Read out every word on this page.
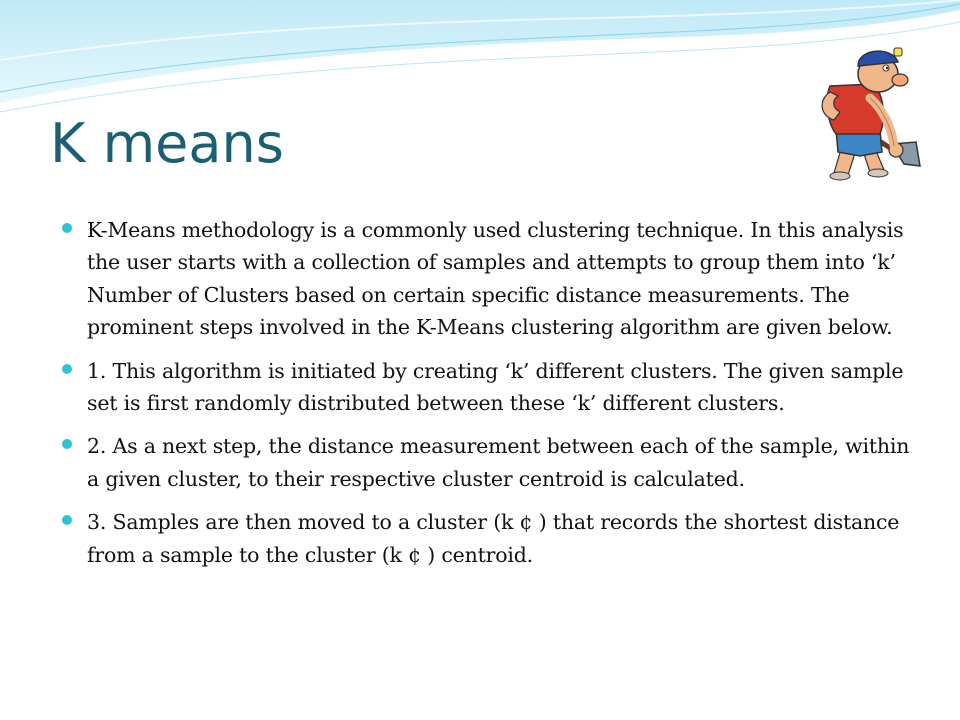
K means
K-Means methodology is a commonly used clustering technique. In this analysis the user starts with a collection of samples and attempts to group them into ‘k’ Number of Clusters based on certain specific distance measurements. The prominent steps involved in the K-Means clustering algorithm are given below.
1. This algorithm is initiated by creating ‘k’ different clusters. The given sample set is first randomly distributed between these ‘k’ different clusters.
2. As a next step, the distance measurement between each of the sample, within a given cluster, to their respective cluster centroid is calculated.
3. Samples are then moved to a cluster (k ¢ ) that records the shortest distance from a sample to the cluster (k ¢ ) centroid.
